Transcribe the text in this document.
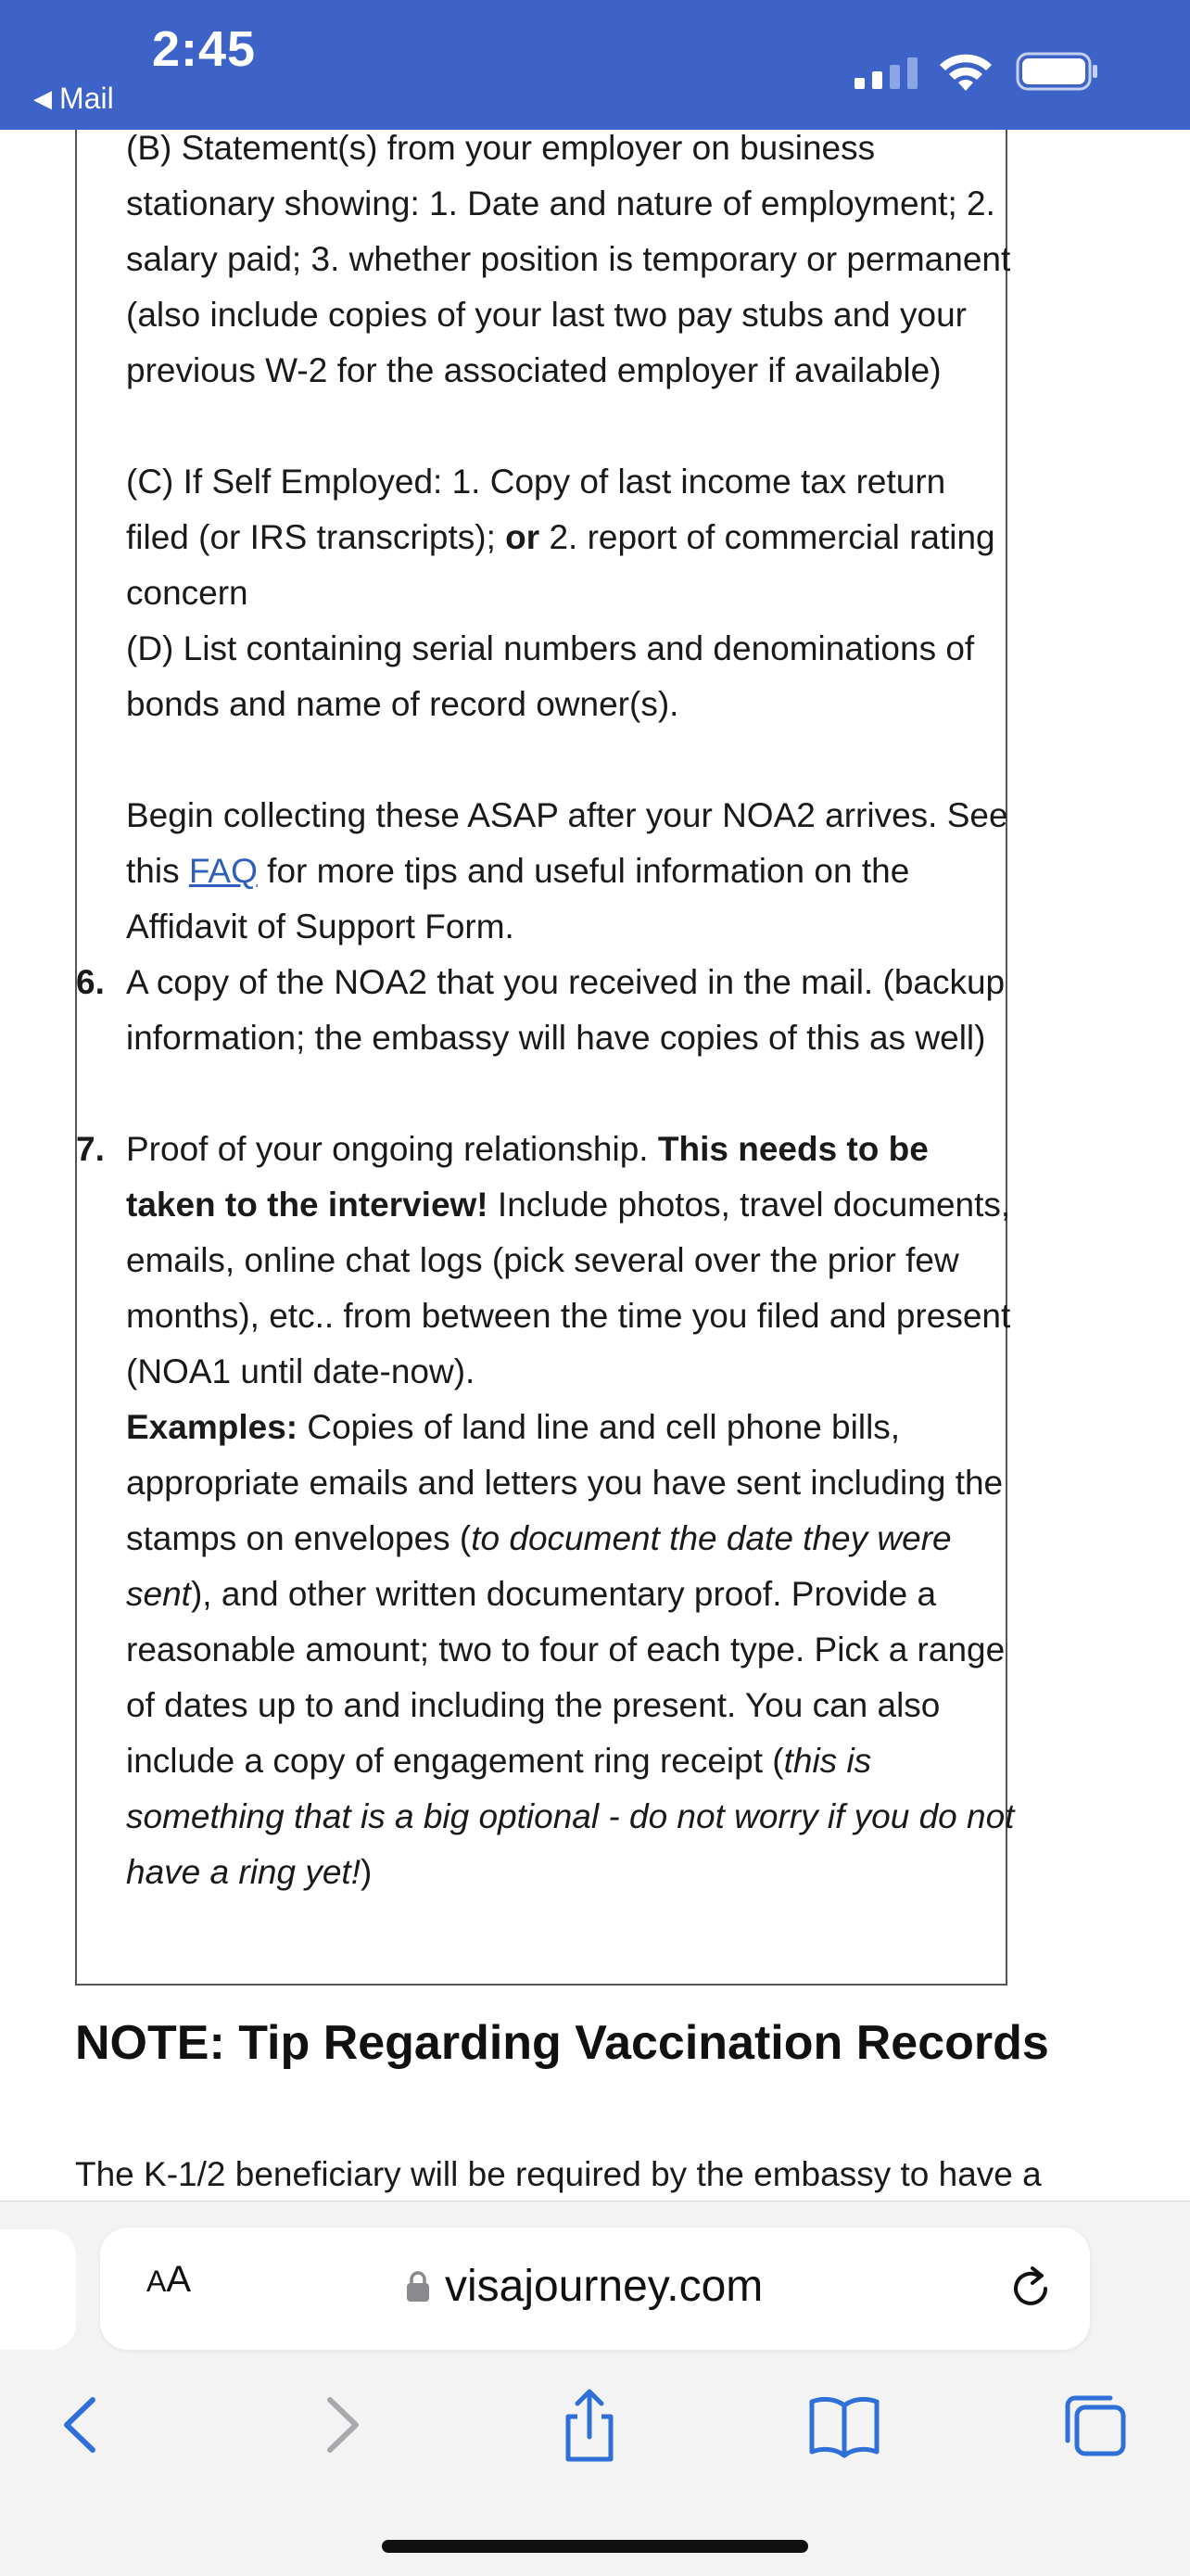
2:45
◀ Mail

(B) Statement(s) from your employer on business stationary showing: 1. Date and nature of employment; 2. salary paid; 3. whether position is temporary or permanent (also include copies of your last two pay stubs and your previous W-2 for the associated employer if available)

(C) If Self Employed: 1. Copy of last income tax return filed (or IRS transcripts); or 2. report of commercial rating concern

(D) List containing serial numbers and denominations of bonds and name of record owner(s).

Begin collecting these ASAP after your NOA2 arrives. See this FAQ for more tips and useful information on the Affidavit of Support Form.

6. A copy of the NOA2 that you received in the mail. (backup information; the embassy will have copies of this as well)

7. Proof of your ongoing relationship. This needs to be taken to the interview! Include photos, travel documents, emails, online chat logs (pick several over the prior few months), etc.. from between the time you filed and present (NOA1 until date-now).

Examples: Copies of land line and cell phone bills, appropriate emails and letters you have sent including the stamps on envelopes (to document the date they were sent), and other written documentary proof. Provide a reasonable amount; two to four of each type. Pick a range of dates up to and including the present. You can also include a copy of engagement ring receipt (this is something that is a big optional - do not worry if you do not have a ring yet!)

NOTE: Tip Regarding Vaccination Records
The K-1/2 beneficiary will be required by the embassy to have a
AA	visajourney.com
